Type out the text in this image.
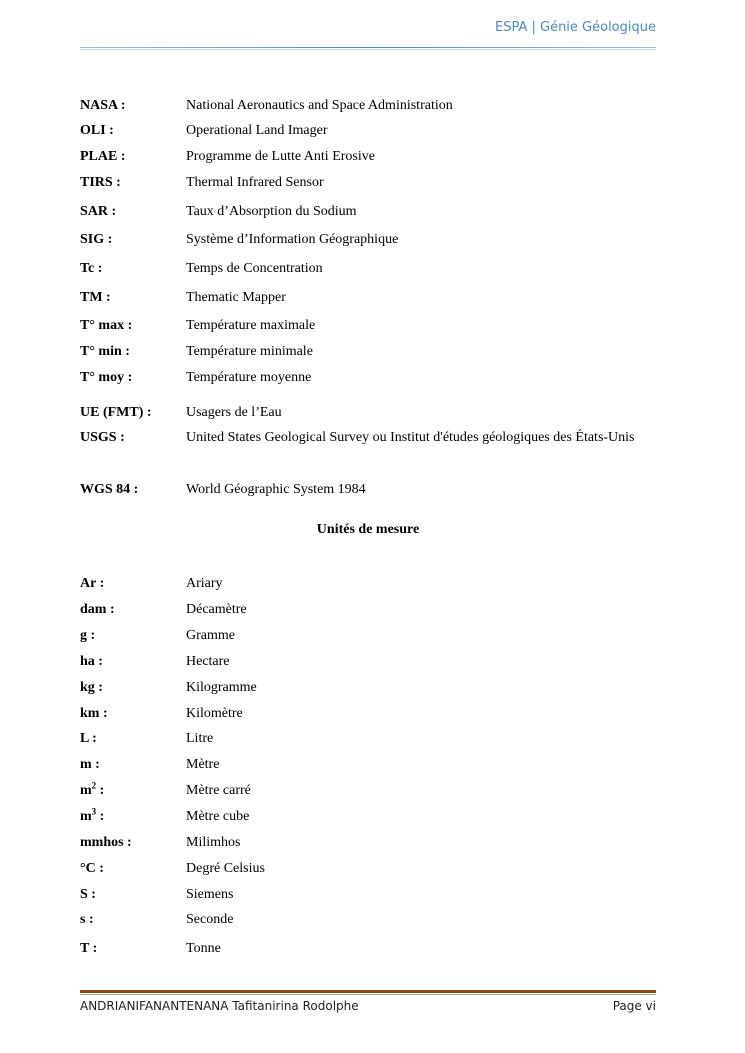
ESPA | Génie Géologique
NASA :	National Aeronautics and Space Administration
OLI :	Operational Land Imager
PLAE :	Programme de Lutte Anti Erosive
TIRS :	Thermal Infrared Sensor
SAR :	Taux d’Absorption du Sodium
SIG :	Système d’Information Géographique
Tc :	Temps de Concentration
TM :	Thematic Mapper
T° max :	Température maximale
T° min :	Température minimale
T° moy :	Température moyenne
UE (FMT) : Usagers de l’Eau
USGS :	United States Geological Survey ou Institut d'études géologiques des États-Unis
WGS 84 :	World Géographic System 1984
Unités de mesure
Ar :	Ariary
dam :	Décamètre
g :	Gramme
ha :	Hectare
kg :	Kilogramme
km :	Kilomètre
L :	Litre
m :	Mètre
$m^2$ :	Mètre carré
$m^3$ :	Mètre cube
mmhos :	Milimhos
°C :	Degré Celsius
S :	Siemens
s :	Seconde
T :	Tonne
ANDRIANIFANANTENANA Tafitanirina Rodolphe	Page vi
